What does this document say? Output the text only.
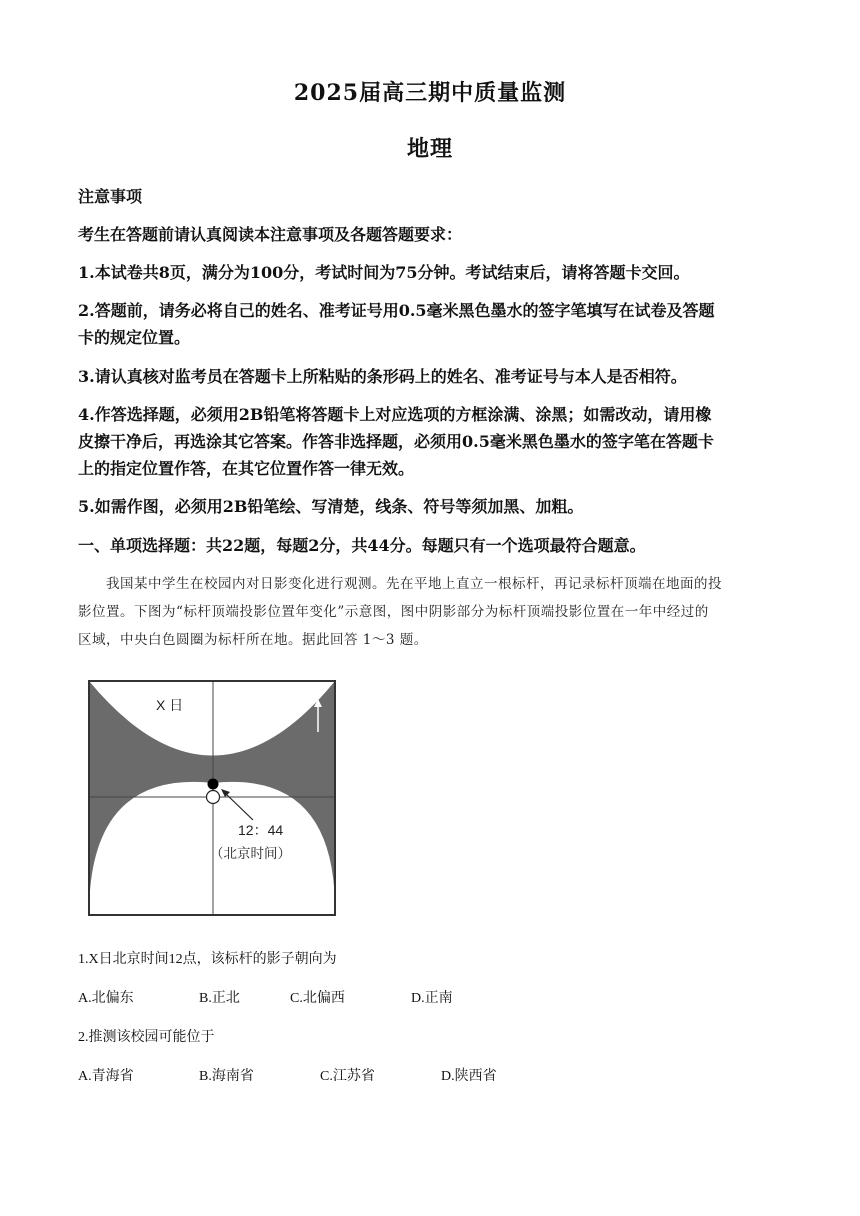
2025届高三期中质量监测
地理
注意事项
考生在答题前请认真阅读本注意事项及各题答题要求：
1.本试卷共8页，满分为100分，考试时间为75分钟。考试结束后，请将答题卡交回。
2.答题前，请务必将自己的姓名、准考证号用0.5毫米黑色墨水的签字笔填写在试卷及答题
卡的规定位置。
3.请认真核对监考员在答题卡上所粘贴的条形码上的姓名、准考证号与本人是否相符。
4.作答选择题，必须用2B铅笔将答题卡上对应选项的方框涂满、涂黑；如需改动，请用橡
皮擦干净后，再选涂其它答案。作答非选择题，必须用0.5毫米黑色墨水的签字笔在答题卡
上的指定位置作答，在其它位置作答一律无效。
5.如需作图，必须用2B铅笔绘、写清楚，线条、符号等须加黑、加粗。
一、单项选择题：共22题，每题2分，共44分。每题只有一个选项最符合题意。
我国某中学生在校园内对日影变化进行观测。先在平地上直立一根标杆，再记录标杆顶端在地面的投
影位置。下图为“标杆顶端投影位置年变化”示意图，图中阴影部分为标杆顶端投影位置在一年中经过的
区域，中央白色圆圈为标杆所在地。据此回答 1～3 题。
N
X 日
Y 日
12：44
（北京时间）
1.X日北京时间12点，该标杆的影子朝向为
A.北偏东	B.正北	C.北偏西	D.正南
2.推测该校园可能位于
A.青海省	B.海南省	C.江苏省	D.陕西省
